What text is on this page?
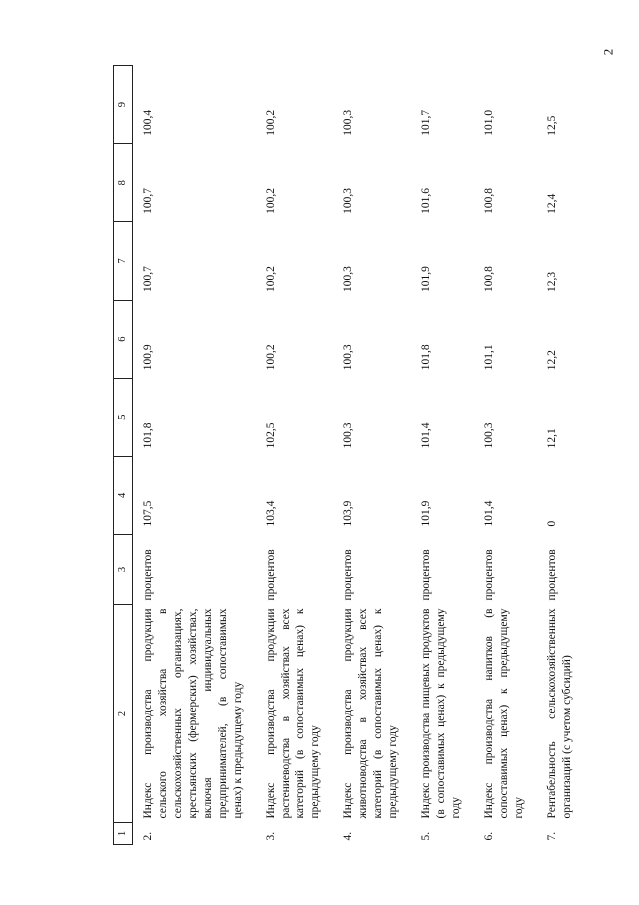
2
1	2	3	4	5	6	7	8	9
2.	Индекс производства продукции сельского хозяйства в сельскохозяйственных организациях, крестьянских (фермерских) хозяйствах, включая индивидуальных предпринимателей, (в сопоставимых ценах) к предыдущему году	процентов	107,5	101,8	100,9	100,7	100,7	100,4
3.	Индекс производства продукции растениеводства в хозяйствах всех категорий (в сопоставимых ценах) к предыдущему году	процентов	103,4	102,5	100,2	100,2	100,2	100,2
4.	Индекс производства продукции животноводства в хозяйствах всех категорий (в сопоставимых ценах) к предыдущему году	процентов	103,9	100,3	100,3	100,3	100,3	100,3
5.	Индекс производства пищевых продуктов (в сопоставимых ценах) к предыдущему году	процентов	101,9	101,4	101,8	101,9	101,6	101,7
6.	Индекс производства напитков (в сопоставимых ценах) к предыдущему году	процентов	101,4	100,3	101,1	100,8	100,8	101,0
7.	Рентабельность сельскохозяйственных организаций (с учетом субсидий)	процентов	0	12,1	12,2	12,3	12,4	12,5
